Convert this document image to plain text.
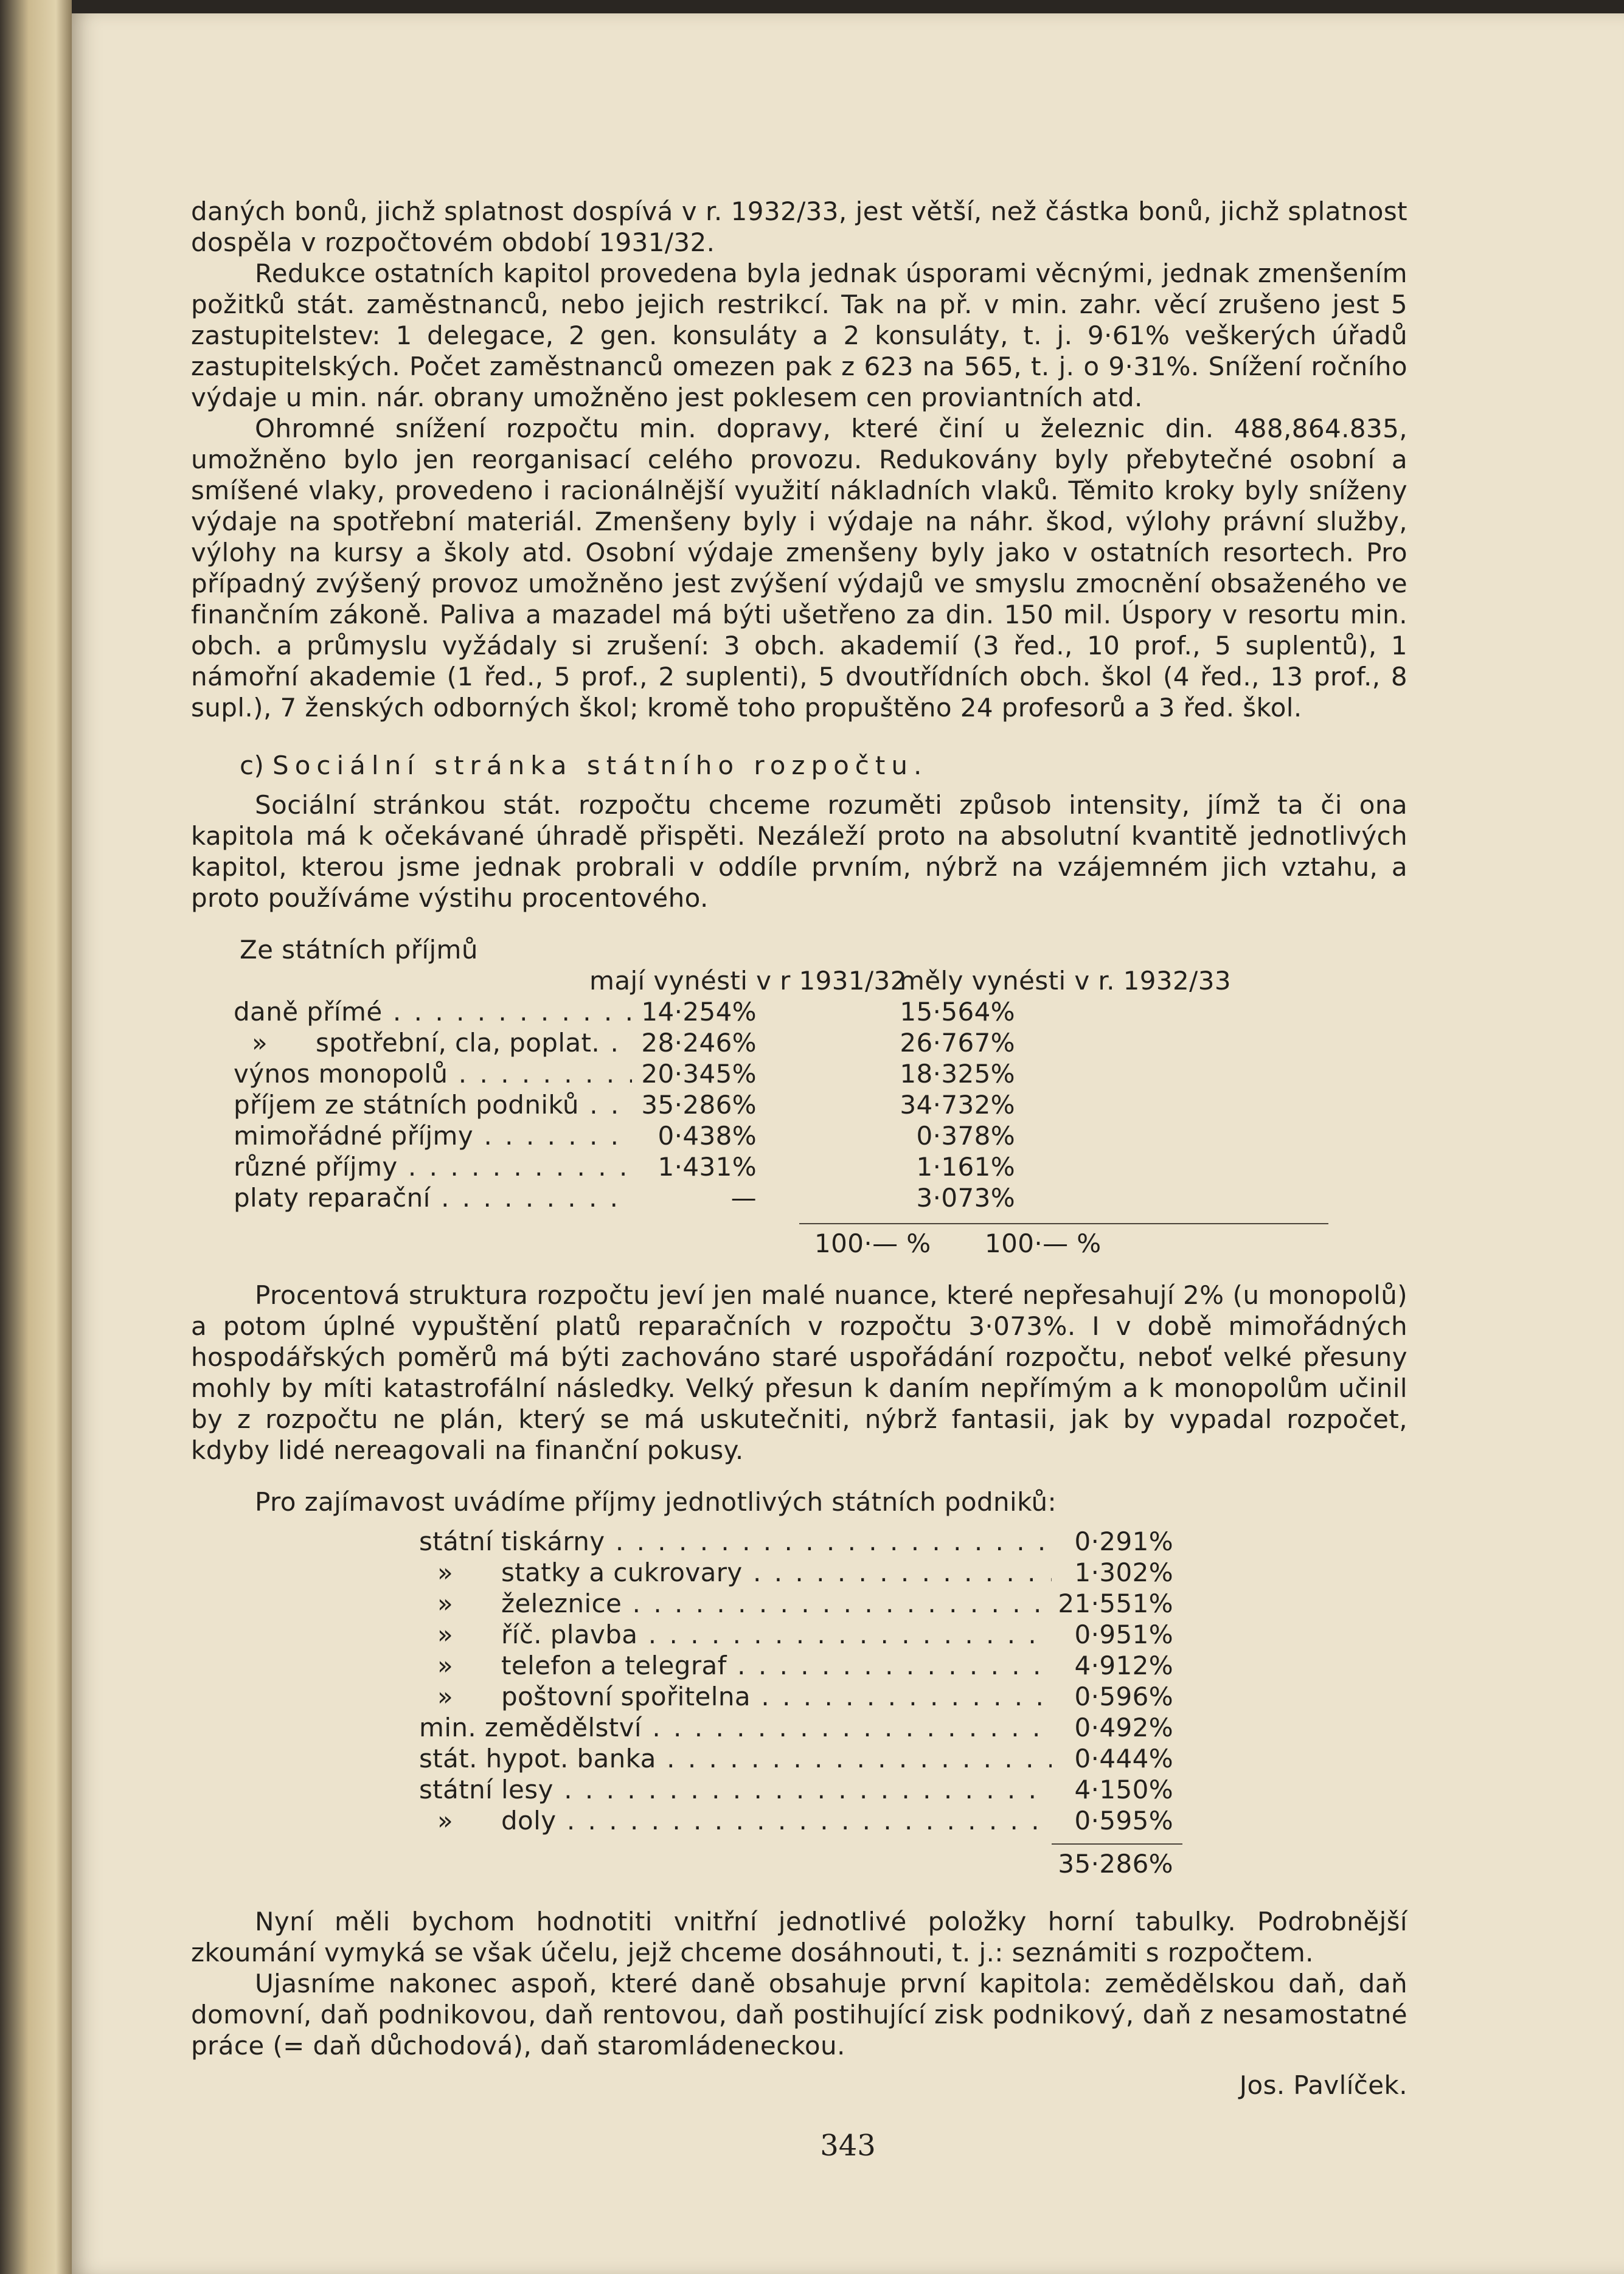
daných bonů, jichž splatnost dospívá v r. 1932/33, jest větší, než částka bonů, jichž splatnost dospěla v rozpočtovém období 1931/32.

Redukce ostatních kapitol provedena byla jednak úsporami věcnými, jednak zmenšením požitků stát. zaměstnanců, nebo jejich restrikcí. Tak na př. v min. zahr. věcí zrušeno jest 5 zastupitelstev: 1 delegace, 2 gen. konsuláty a 2 konsuláty, t. j. 9·61% veškerých úřadů zastupitelských. Počet zaměstnanců omezen pak z 623 na 565, t. j. o 9·31%. Snížení ročního výdaje u min. nár. obrany umožněno jest poklesem cen proviantních atd.

Ohromné snížení rozpočtu min. dopravy, které činí u železnic din. 488,864.835, umožněno bylo jen reorganisací celého provozu. Redukovány byly přebytečné osobní a smíšené vlaky, provedeno i racionálnější využití nákladních vlaků. Těmito kroky byly sníženy výdaje na spotřební materiál. Zmenšeny byly i výdaje na náhr. škod, výlohy právní služby, výlohy na kursy a školy atd. Osobní výdaje zmenšeny byly jako v ostatních resortech. Pro případný zvýšený provoz umožněno jest zvýšení výdajů ve smyslu zmocnění obsaženého ve finančním zákoně. Paliva a mazadel má býti ušetřeno za din. 150 mil. Úspory v resortu min. obch. a průmyslu vyžádaly si zrušení: 3 obch. akademií (3 řed., 10 prof., 5 suplentů), 1 námořní akademie (1 řed., 5 prof., 2 suplenti), 5 dvoutřídních obch. škol (4 řed., 13 prof., 8 supl.), 7 ženských odborných škol; kromě toho propuštěno 24 profesorů a 3 řed. škol.

c) Sociální stránka státního rozpočtu.

Sociální stránkou stát. rozpočtu chceme rozuměti způsob intensity, jímž ta či ona kapitola má k očekávané úhradě přispěti. Nezáleží proto na absolutní kvantitě jednotlivých kapitol, kterou jsme jednak probrali v oddíle prvním, nýbrž na vzájemném jich vztahu, a proto používáme výstihu procentového.

Ze státních příjmů

mají vynésti v r 1931/32
měly vynésti v r. 1932/33
daně přímé . . .	14·254%	15·564%
» spotřební, cla, poplat. . . .	28·246%	26·767%
výnos monopolů . . .	20·345%	18·325%
příjem ze státních podniků . . .	35·286%	34·732%
mimořádné příjmy . . .	0·438%	0·378%
různé příjmy . . .	1·431%	1·161%
platy reparační . . .	—	3·073%
100·— %	100·— %

Procentová struktura rozpočtu jeví jen malé nuance, které nepřesahují 2% (u monopolů) a potom úplné vypuštění platů reparačních v rozpočtu 3·073%. I v době mimořádných hospodářských poměrů má býti zachováno staré uspořádání rozpočtu, neboť velké přesuny mohly by míti katastrofální následky. Velký přesun k daním nepřímým a k monopolům učinil by z rozpočtu ne plán, který se má uskutečniti, nýbrž fantasii, jak by vypadal rozpočet, kdyby lidé nereagovali na finanční pokusy.

Pro zajímavost uvádíme příjmy jednotlivých státních podniků:

státní tiskárny . . .	0·291%
» statky a cukrovary . . .	1·302%
» železnice . . .	21·551%
» říč. plavba . . .	0·951%
» telefon a telegraf . . .	4·912%
» poštovní spořitelna . . .	0·596%
min. zemědělství . . .	0·492%
stát. hypot. banka . . .	0·444%
státní lesy . . .	4·150%
» doly . . .	0·595%
35·286%

Nyní měli bychom hodnotiti vnitřní jednotlivé položky horní tabulky. Podrobnější zkoumání vymyká se však účelu, jejž chceme dosáhnouti, t. j.: seznámiti s rozpočtem.

Ujasníme nakonec aspoň, které daně obsahuje první kapitola: zemědělskou daň, daň domovní, daň podnikovou, daň rentovou, daň postihující zisk podnikový, daň z nesamostatné práce (= daň důchodová), daň staromládeneckou.

Jos. Pavlíček.

343
